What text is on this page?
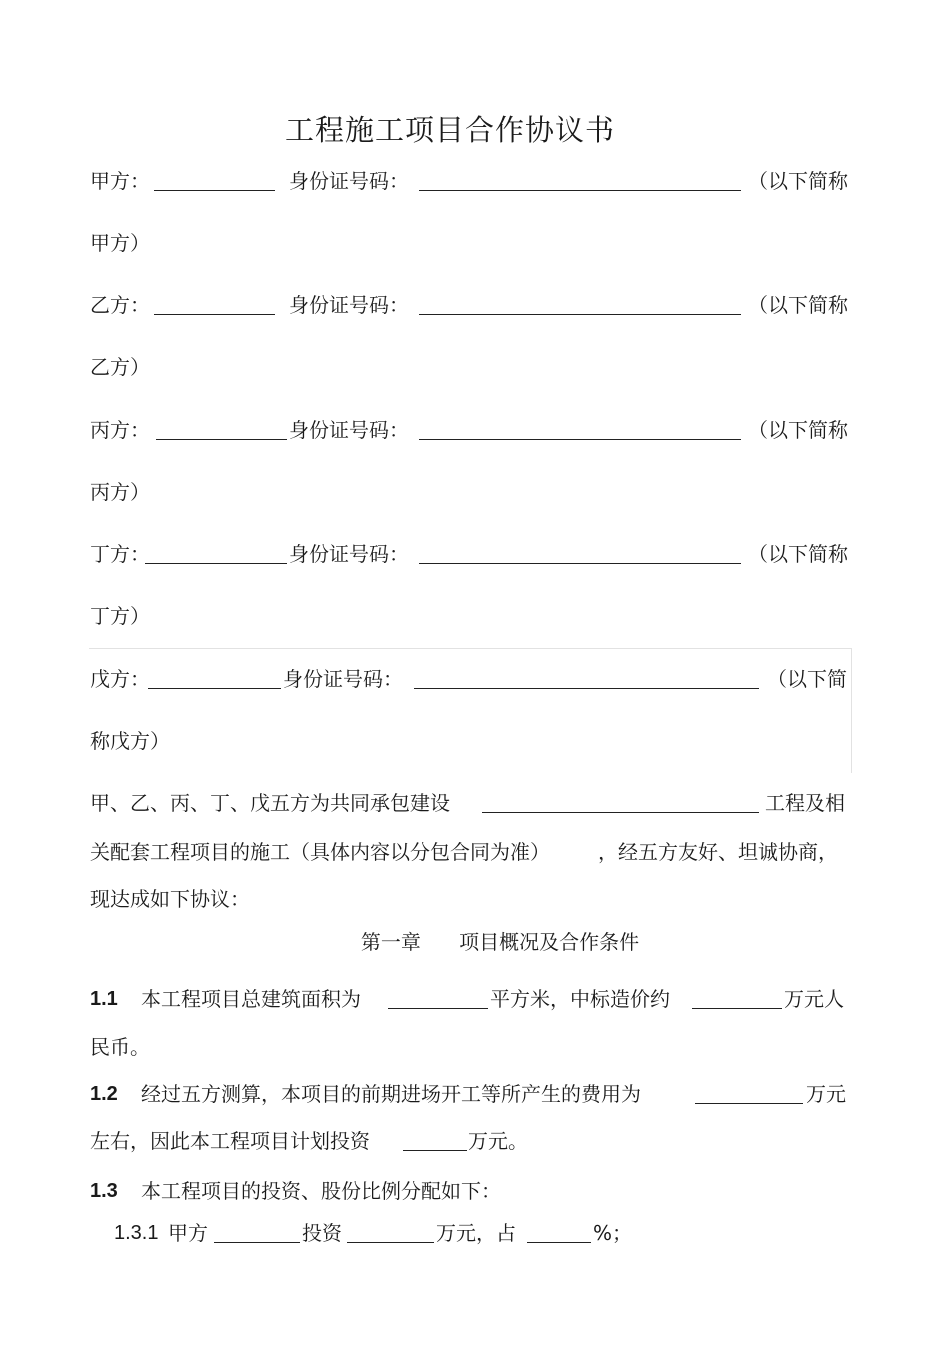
工程施工项目合作协议书
甲方：	身份证号码：	（以下简称
甲方）
乙方：	身份证号码：	（以下简称
乙方）
丙方：	身份证号码：	（以下简称
丙方）
丁方：	身份证号码：	（以下简称
丁方）
戊方：	身份证号码：	（以下简
称戊方）
甲、乙、丙、丁、戊五方为共同承包建设	工程及相
关配套工程项目的施工（具体内容以分包合同为准） ，经五方友好、坦诚协商，
现达成如下协议：
第一章 项目概况及合作条件
1.1 本工程项目总建筑面积为	平方米，中标造价约	万元人
民币。
1.2 经过五方测算，本项目的前期进场开工等所产生的费用为	万元
左右，因此本工程项目计划投资	万元。
1.3 本工程项目的投资、股份比例分配如下：
1.3.1 甲方	投资	万元，占	%；
